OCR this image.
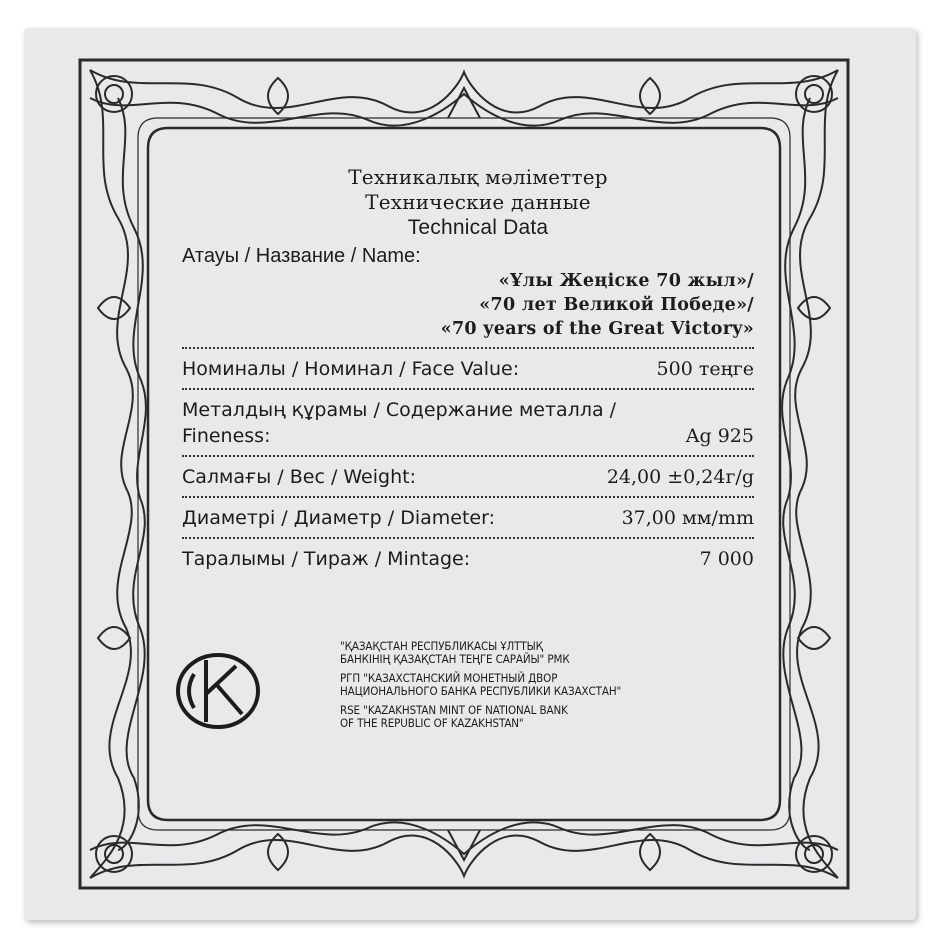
Техникалық мәліметтер
Технические данные
Technical Data
Атауы / Название / Name:
«Ұлы Жеңіске 70 жыл»/
«70 лет Великой Победе»/
«70 years of the Great Victory»
Номиналы / Номинал / Face Value:	500 теңге
Металдың құрамы / Содержание металла /
Fineness:	Ag 925
Салмағы / Вес / Weight:	24,00 ±0,24г/g
Диаметрі / Диаметр / Diameter:	37,00 мм/mm
Таралымы / Тираж / Mintage:	7 000

"ҚАЗАҚСТАН РЕСПУБЛИКАСЫ ҰЛТТЫҚ
БАНКІНІҢ ҚАЗАҚСТАН ТЕҢГЕ САРАЙЫ" РМК

РГП "КАЗАХСТАНСКИЙ МОНЕТНЫЙ ДВОР
НАЦИОНАЛЬНОГО БАНКА РЕСПУБЛИКИ КАЗАХСТАН"

RSE "KAZAKHSTAN MINT OF NATIONAL BANK
OF THE REPUBLIC OF KAZAKHSTAN"
